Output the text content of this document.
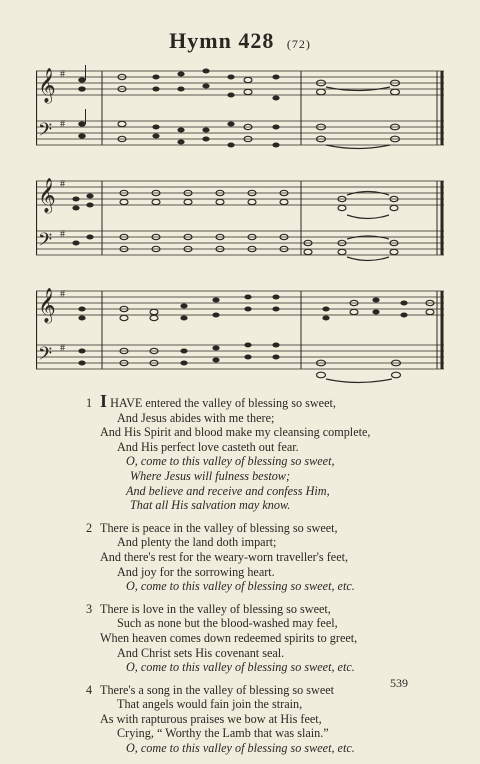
Hymn 428 (72)
𝄞
𝄢
#
#
𝄞
𝄢
#
#
𝄞
𝄢
#
#
1 I HAVE entered the valley of blessing so sweet,
And Jesus abides with me there;
And His Spirit and blood make my cleansing complete,
And His perfect love casteth out fear.
O, come to this valley of blessing so sweet,
Where Jesus will fulness bestow;
And believe and receive and confess Him,
That all His salvation may know.
2 There is peace in the valley of blessing so sweet,
And plenty the land doth impart;
And there's rest for the weary-worn traveller's feet,
And joy for the sorrowing heart.
O, come to this valley of blessing so sweet, etc.
3 There is love in the valley of blessing so sweet,
Such as none but the blood-washed may feel,
When heaven comes down redeemed spirits to greet,
And Christ sets His covenant seal.
O, come to this valley of blessing so sweet, etc.
4 There's a song in the valley of blessing so sweet
That angels would fain join the strain,
As with rapturous praises we bow at His feet,
Crying, “ Worthy the Lamb that was slain.”
O, come to this valley of blessing so sweet, etc.
539
